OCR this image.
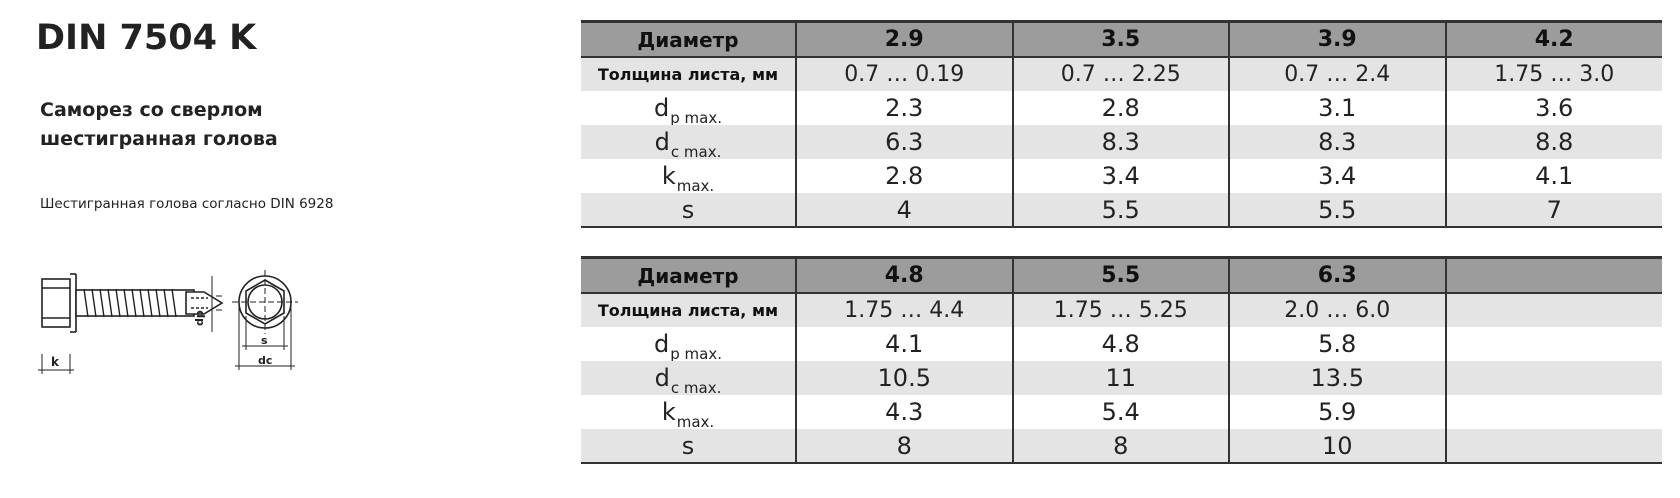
DIN 7504 K
Саморез со сверлом
шестигранная голова
Шестигранная голова согласно DIN 6928
k
dp
s
dc
Диаметр	2.9	3.5	3.9	4.2
Толщина листа, мм	0.7 … 0.19	0.7 … 2.25	0.7 … 2.4	1.75 … 3.0
$d_{p max.}$	2.3	2.8	3.1	3.6
$d_{c max.}$	6.3	8.3	8.3	8.8
$k_{max.}$	2.8	3.4	3.4	4.1
s	4	5.5	5.5	7
Диаметр	4.8	5.5	6.3	
Толщина листа, мм	1.75 … 4.4	1.75 … 5.25	2.0 … 6.0	
$d_{p max.}$	4.1	4.8	5.8	
$d_{c max.}$	10.5	11	13.5	
$k_{max.}$	4.3	5.4	5.9	
s	8	8	10	
